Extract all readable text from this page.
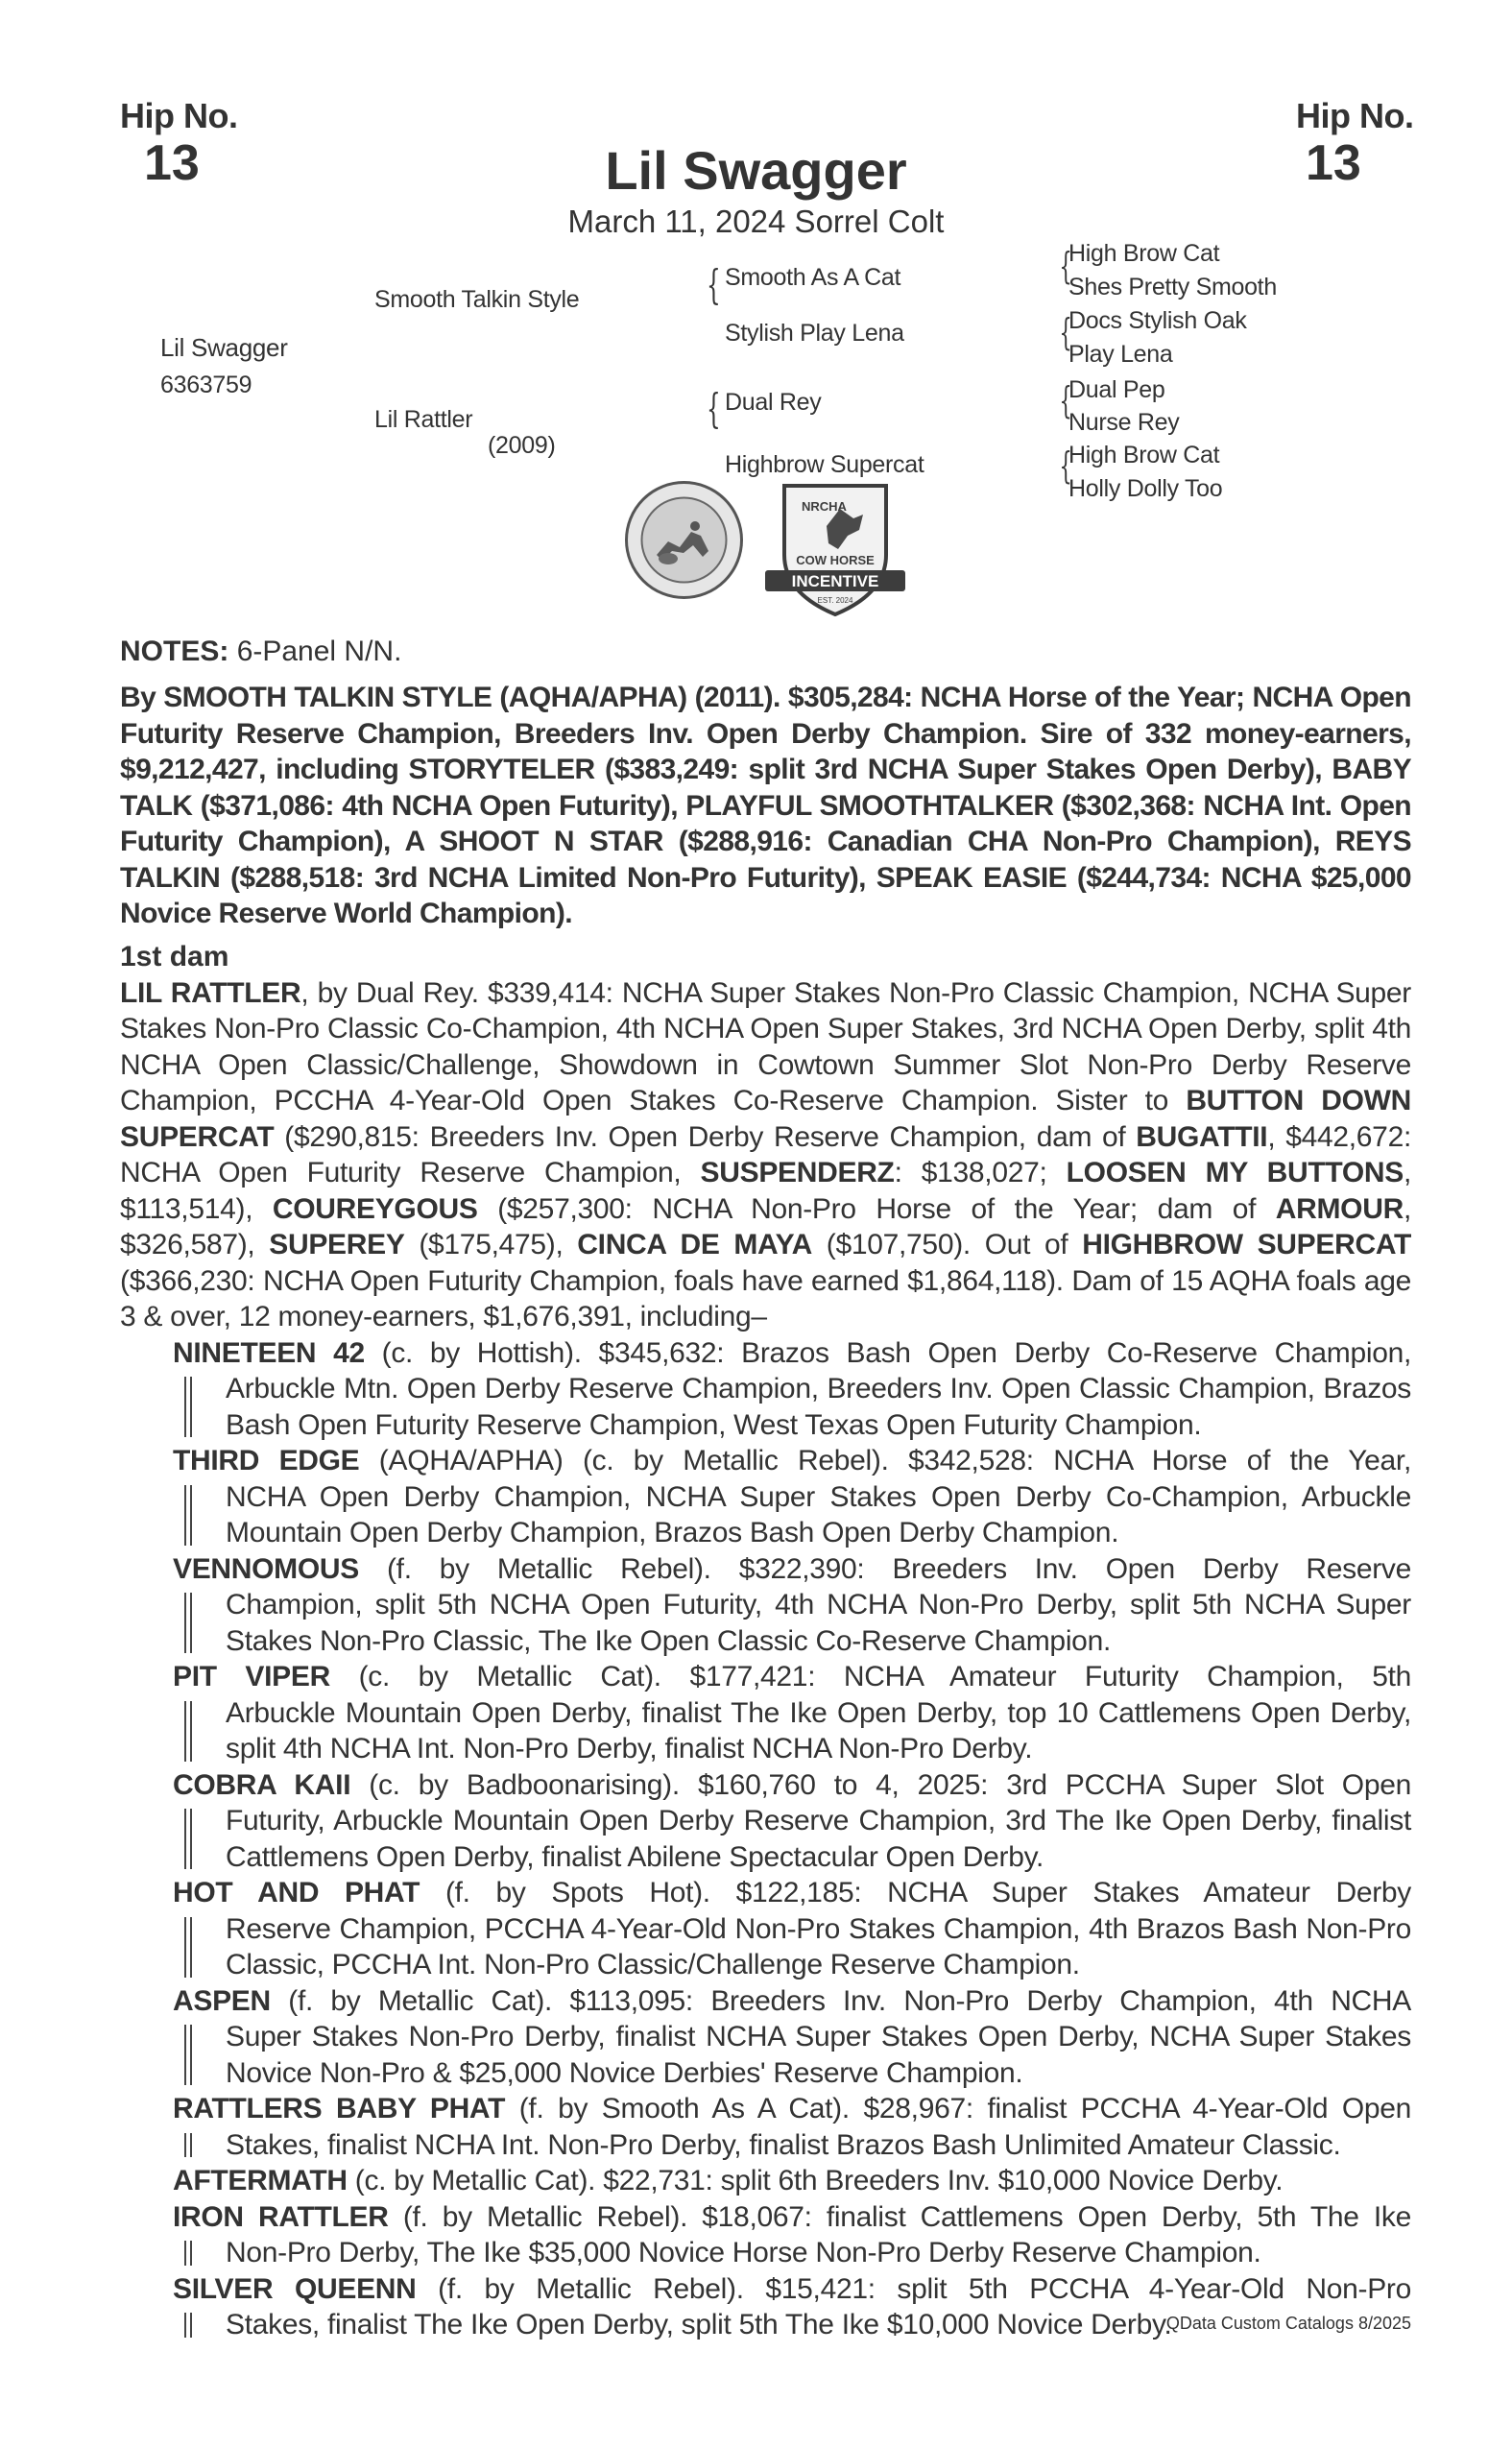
Hip No.
13
Hip No.
13
Lil Swagger
March 11, 2024 Sorrel Colt
Lil Swagger
6363759
Smooth Talkin Style
Lil Rattler
(2009)
{ Smooth As A Cat
Stylish Play Lena
{ Dual Rey
Highbrow Supercat
{
High Brow Cat
Shes Pretty Smooth
{
Docs Stylish Oak
Play Lena
{
Dual Pep
Nurse Rey
{
High Brow Cat
Holly Dolly Too
NRCHA
COW HORSE
INCENTIVE
EST. 2024
NOTES: 6-Panel N/N.
By SMOOTH TALKIN STYLE (AQHA/APHA) (2011). $305,284: NCHA Horse of the Year; NCHA Open Futurity Reserve Champion, Breeders Inv. Open Derby Champion. Sire of 332 money-earners, $9,212,427, including STORYTELER ($383,249: split 3rd NCHA Super Stakes Open Derby), BABY TALK ($371,086: 4th NCHA Open Futurity), PLAYFUL SMOOTHTALKER ($302,368: NCHA Int. Open Futurity Champion), A SHOOT N STAR ($288,916: Canadian CHA Non-Pro Champion), REYS TALKIN ($288,518: 3rd NCHA Limited Non-Pro Futurity), SPEAK EASIE ($244,734: NCHA $25,000 Novice Reserve World Champion).
1st dam
LIL RATTLER, by Dual Rey. $339,414: NCHA Super Stakes Non-Pro Classic Champion, NCHA Super Stakes Non-Pro Classic Co-Champion, 4th NCHA Open Super Stakes, 3rd NCHA Open Derby, split 4th NCHA Open Classic/Challenge, Showdown in Cowtown Summer Slot Non-Pro Derby Reserve Champion, PCCHA 4-Year-Old Open Stakes Co-Reserve Champion. Sister to BUTTON DOWN SUPERCAT ($290,815: Breeders Inv. Open Derby Reserve Champion, dam of BUGATTII, $442,672: NCHA Open Futurity Reserve Champion, SUSPENDERZ: $138,027; LOOSEN MY BUTTONS, $113,514), COUREYGOUS ($257,300: NCHA Non-Pro Horse of the Year; dam of ARMOUR, $326,587), SUPEREY ($175,475), CINCA DE MAYA ($107,750). Out of HIGHBROW SUPERCAT ($366,230: NCHA Open Futurity Champion, foals have earned $1,864,118). Dam of 15 AQHA foals age 3 & over, 12 money-earners, $1,676,391, including–
NINETEEN 42 (c. by Hottish). $345,632: Brazos Bash Open Derby Co-Reserve Champion,
Arbuckle Mtn. Open Derby Reserve Champion, Breeders Inv. Open Classic Champion, Brazos Bash Open Futurity Reserve Champion, West Texas Open Futurity Champion.
THIRD EDGE (AQHA/APHA) (c. by Metallic Rebel). $342,528: NCHA Horse of the Year,
NCHA Open Derby Champion, NCHA Super Stakes Open Derby Co-Champion, Arbuckle Mountain Open Derby Champion, Brazos Bash Open Derby Champion.
VENNOMOUS (f. by Metallic Rebel). $322,390: Breeders Inv. Open Derby Reserve
Champion, split 5th NCHA Open Futurity, 4th NCHA Non-Pro Derby, split 5th NCHA Super Stakes Non-Pro Classic, The Ike Open Classic Co-Reserve Champion.
PIT VIPER (c. by Metallic Cat). $177,421: NCHA Amateur Futurity Champion, 5th
Arbuckle Mountain Open Derby, finalist The Ike Open Derby, top 10 Cattlemens Open Derby, split 4th NCHA Int. Non-Pro Derby, finalist NCHA Non-Pro Derby.
COBRA KAII (c. by Badboonarising). $160,760 to 4, 2025: 3rd PCCHA Super Slot Open
Futurity, Arbuckle Mountain Open Derby Reserve Champion, 3rd The Ike Open Derby, finalist Cattlemens Open Derby, finalist Abilene Spectacular Open Derby.
HOT AND PHAT (f. by Spots Hot). $122,185: NCHA Super Stakes Amateur Derby
Reserve Champion, PCCHA 4-Year-Old Non-Pro Stakes Champion, 4th Brazos Bash Non-Pro Classic, PCCHA Int. Non-Pro Classic/Challenge Reserve Champion.
ASPEN (f. by Metallic Cat). $113,095: Breeders Inv. Non-Pro Derby Champion, 4th NCHA
Super Stakes Non-Pro Derby, finalist NCHA Super Stakes Open Derby, NCHA Super Stakes Novice Non-Pro & $25,000 Novice Derbies' Reserve Champion.
RATTLERS BABY PHAT (f. by Smooth As A Cat). $28,967: finalist PCCHA 4-Year-Old Open
Stakes, finalist NCHA Int. Non-Pro Derby, finalist Brazos Bash Unlimited Amateur Classic.
AFTERMATH (c. by Metallic Cat). $22,731: split 6th Breeders Inv. $10,000 Novice Derby.
IRON RATTLER (f. by Metallic Rebel). $18,067: finalist Cattlemens Open Derby, 5th The Ike
Non-Pro Derby, The Ike $35,000 Novice Horse Non-Pro Derby Reserve Champion.
SILVER QUEENN (f. by Metallic Rebel). $15,421: split 5th PCCHA 4-Year-Old Non-Pro
Stakes, finalist The Ike Open Derby, split 5th The Ike $10,000 Novice Derby.
QData Custom Catalogs 8/2025
